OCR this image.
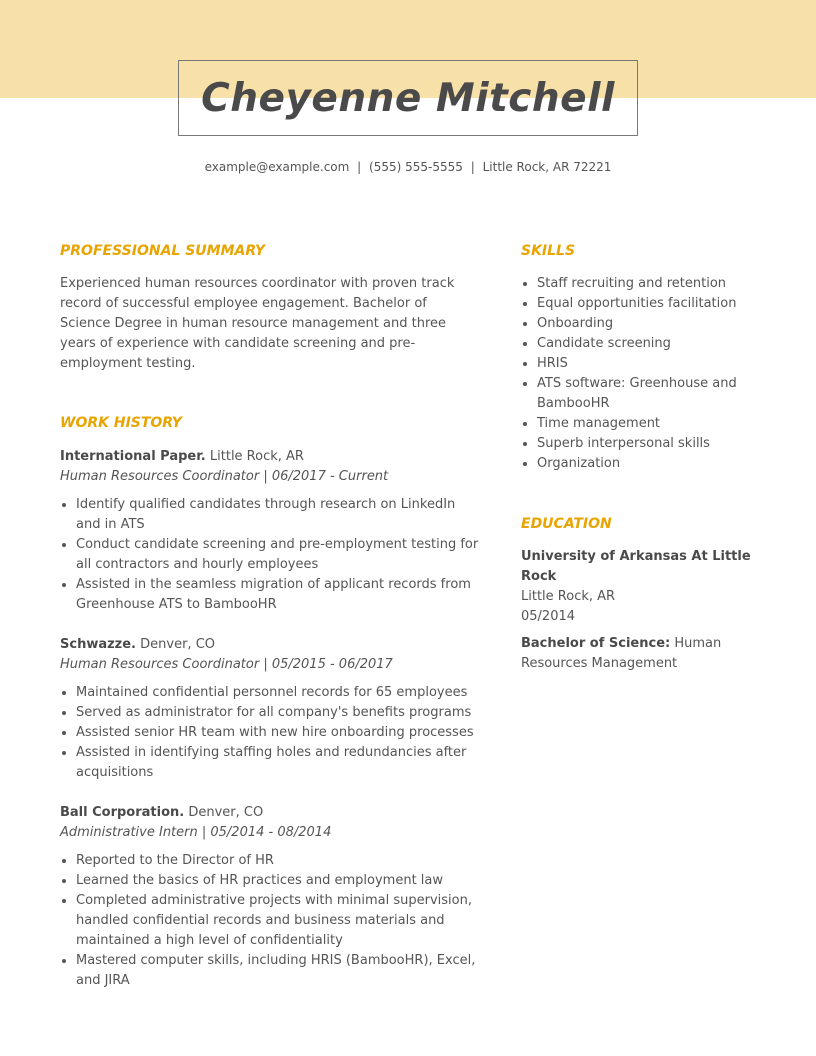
Cheyenne Mitchell
example@example.com | (555) 555-5555 | Little Rock, AR 72221
PROFESSIONAL SUMMARY

Experienced human resources coordinator with proven track record of successful employee engagement. Bachelor of Science Degree in human resource management and three years of experience with candidate screening and pre-employment testing.

WORK HISTORY
International Paper. Little Rock, AR
Human Resources Coordinator | 06/2017 - Current
Identify qualified candidates through research on LinkedIn and in ATS
Conduct candidate screening and pre-employment testing for all contractors and hourly employees
Assisted in the seamless migration of applicant records from Greenhouse ATS to BambooHR
Schwazze. Denver, CO
Human Resources Coordinator | 05/2015 - 06/2017
Maintained confidential personnel records for 65 employees
Served as administrator for all company's benefits programs
Assisted senior HR team with new hire onboarding processes
Assisted in identifying staffing holes and redundancies after acquisitions
Ball Corporation. Denver, CO
Administrative Intern | 05/2014 - 08/2014
Reported to the Director of HR
Learned the basics of HR practices and employment law
Completed administrative projects with minimal supervision, handled confidential records and business materials and maintained a high level of confidentiality
Mastered computer skills, including HRIS (BambooHR), Excel, and JIRA
SKILLS
Staff recruiting and retention
Equal opportunities facilitation
Onboarding
Candidate screening
HRIS
ATS software: Greenhouse and BambooHR
Time management
Superb interpersonal skills
Organization
EDUCATION
University of Arkansas At Little Rock
Little Rock, AR
05/2014
Bachelor of Science: Human Resources Management
